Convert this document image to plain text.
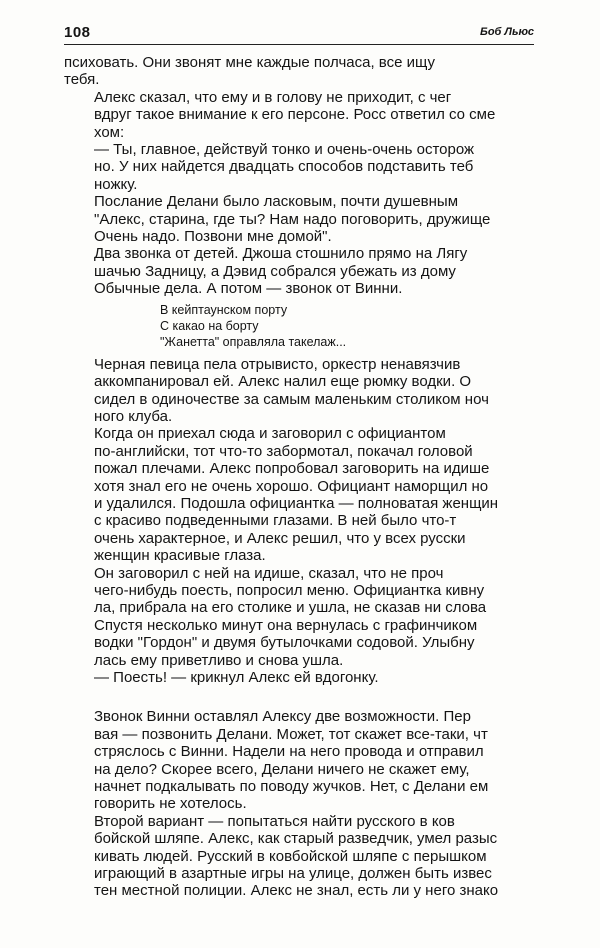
108	Боб Льюс
психовать. Они звонят мне каждые полчаса, все ищу
тебя.
Алекс сказал, что ему и в голову не приходит, с чег
вдруг такое внимание к его персоне. Росс ответил со сме
хом:
— Ты, главное, действуй тонко и очень-очень осторож
но. У них найдется двадцать способов подставить теб
ножку.
Послание Делани было ласковым, почти душевным
"Алекс, старина, где ты? Нам надо поговорить, дружище
Очень надо. Позвони мне домой".
Два звонка от детей. Джоша стошнило прямо на Лягу
шачью Задницу, а Дэвид собрался убежать из дому
Обычные дела. А потом — звонок от Винни.
В кейптаунском порту
С какао на борту
"Жанетта" оправляла такелаж...
Черная певица пела отрывисто, оркестр ненавязчив
аккомпанировал ей. Алекс налил еще рюмку водки. О
сидел в одиночестве за самым маленьким столиком ноч
ного клуба.
Когда он приехал сюда и заговорил с официантом
по-английски, тот что-то забормотал, покачал головой
пожал плечами. Алекс попробовал заговорить на идише
хотя знал его не очень хорошо. Официант наморщил но
и удалился. Подошла официантка — полноватая женщин
с красиво подведенными глазами. В ней было что-т
очень характерное, и Алекс решил, что у всех русски
женщин красивые глаза.
Он заговорил с ней на идише, сказал, что не проч
чего-нибудь поесть, попросил меню. Официантка кивну
ла, прибрала на его столике и ушла, не сказав ни слова
Спустя несколько минут она вернулась с графинчиком
водки "Гордон" и двумя бутылочками содовой. Улыбну
лась ему приветливо и снова ушла.
— Поесть! — крикнул Алекс ей вдогонку.
Звонок Винни оставлял Алексу две возможности. Пер
вая — позвонить Делани. Может, тот скажет все-таки, чт
стряслось с Винни. Надели на него провода и отправил
на дело? Скорее всего, Делани ничего не скажет ему,
начнет подкалывать по поводу жучков. Нет, с Делани ем
говорить не хотелось.
Второй вариант — попытаться найти русского в ков
бойской шляпе. Алекс, как старый разведчик, умел разыс
кивать людей. Русский в ковбойской шляпе с перышком
играющий в азартные игры на улице, должен быть извес
тен местной полиции. Алекс не знал, есть ли у него знако
